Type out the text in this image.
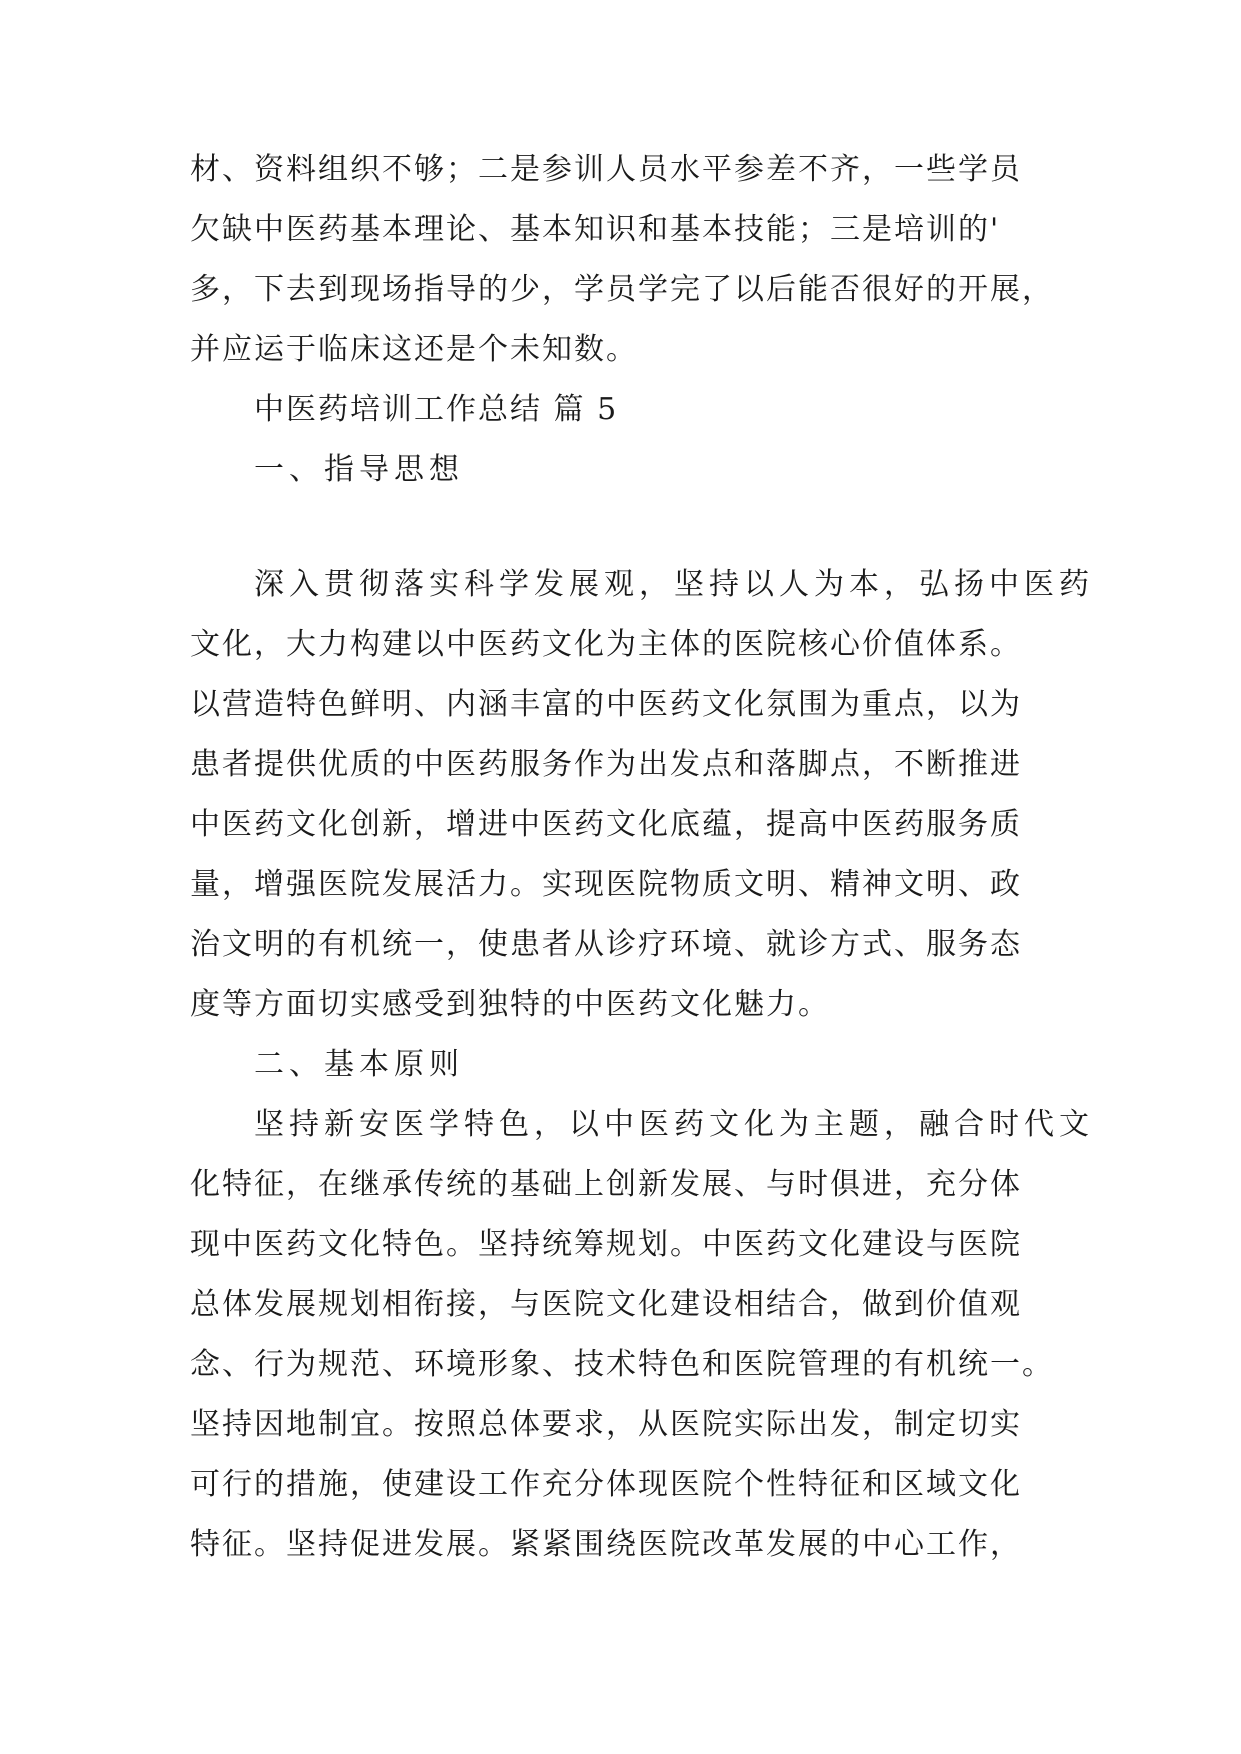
材、资料组织不够；二是参训人员水平参差不齐，一些学员
欠缺中医药基本理论、基本知识和基本技能；三是培训的'
多，下去到现场指导的少，学员学完了以后能否很好的开展，
并应运于临床这还是个未知数。
中医药培训工作总结 篇 5
一、指导思想
深入贯彻落实科学发展观，坚持以人为本，弘扬中医药
文化，大力构建以中医药文化为主体的医院核心价值体系。
以营造特色鲜明、内涵丰富的中医药文化氛围为重点，以为
患者提供优质的中医药服务作为出发点和落脚点，不断推进
中医药文化创新，增进中医药文化底蕴，提高中医药服务质
量，增强医院发展活力。实现医院物质文明、精神文明、政
治文明的有机统一，使患者从诊疗环境、就诊方式、服务态
度等方面切实感受到独特的中医药文化魅力。
二、基本原则
坚持新安医学特色，以中医药文化为主题，融合时代文
化特征，在继承传统的基础上创新发展、与时俱进，充分体
现中医药文化特色。坚持统筹规划。中医药文化建设与医院
总体发展规划相衔接，与医院文化建设相结合，做到价值观
念、行为规范、环境形象、技术特色和医院管理的有机统一。
坚持因地制宜。按照总体要求，从医院实际出发，制定切实
可行的措施，使建设工作充分体现医院个性特征和区域文化
特征。坚持促进发展。紧紧围绕医院改革发展的中心工作，
